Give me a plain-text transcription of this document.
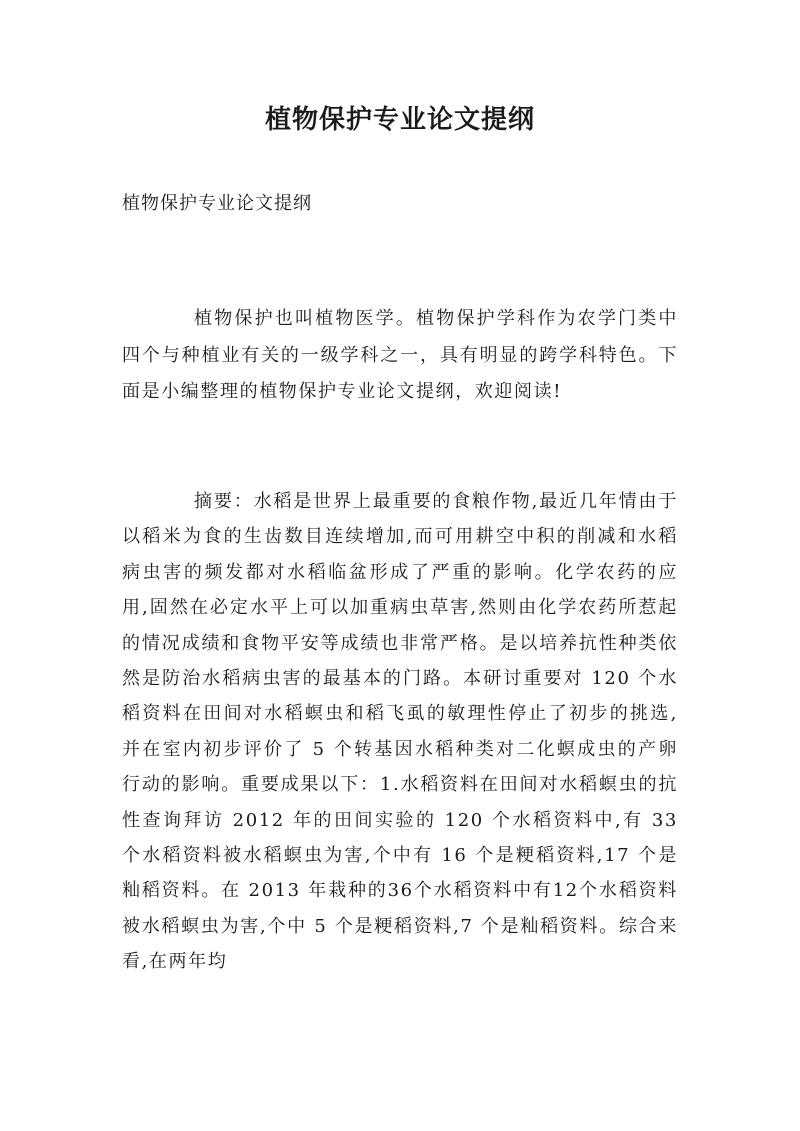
植物保护专业论文提纲
植物保护专业论文提纲

植物保护也叫植物医学。植物保护学科作为农学门类中四个与种植业有关的一级学科之一，具有明显的跨学科特色。下面是小编整理的植物保护专业论文提纲，欢迎阅读!

摘要：水稻是世界上最重要的食粮作物,最近几年情由于以稻米为食的生齿数目连续增加,而可用耕空中积的削减和水稻病虫害的频发都对水稻临盆形成了严重的影响。化学农药的应用,固然在必定水平上可以加重病虫草害,然则由化学农药所惹起的情况成绩和食物平安等成绩也非常严格。是以培养抗性种类依然是防治水稻病虫害的最基本的门路。本研讨重要对 120 个水稻资料在田间对水稻螟虫和稻飞虱的敏理性停止了初步的挑选,并在室内初步评价了 5 个转基因水稻种类对二化螟成虫的产卵行动的影响。重要成果以下：1.水稻资料在田间对水稻螟虫的抗性查询拜访 2012 年的田间实验的 120 个水稻资料中,有 33 个水稻资料被水稻螟虫为害,个中有 16 个是粳稻资料,17 个是籼稻资料。在 2013 年栽种的36个水稻资料中有12个水稻资料被水稻螟虫为害,个中 5 个是粳稻资料,7 个是籼稻资料。综合来看,在两年均
